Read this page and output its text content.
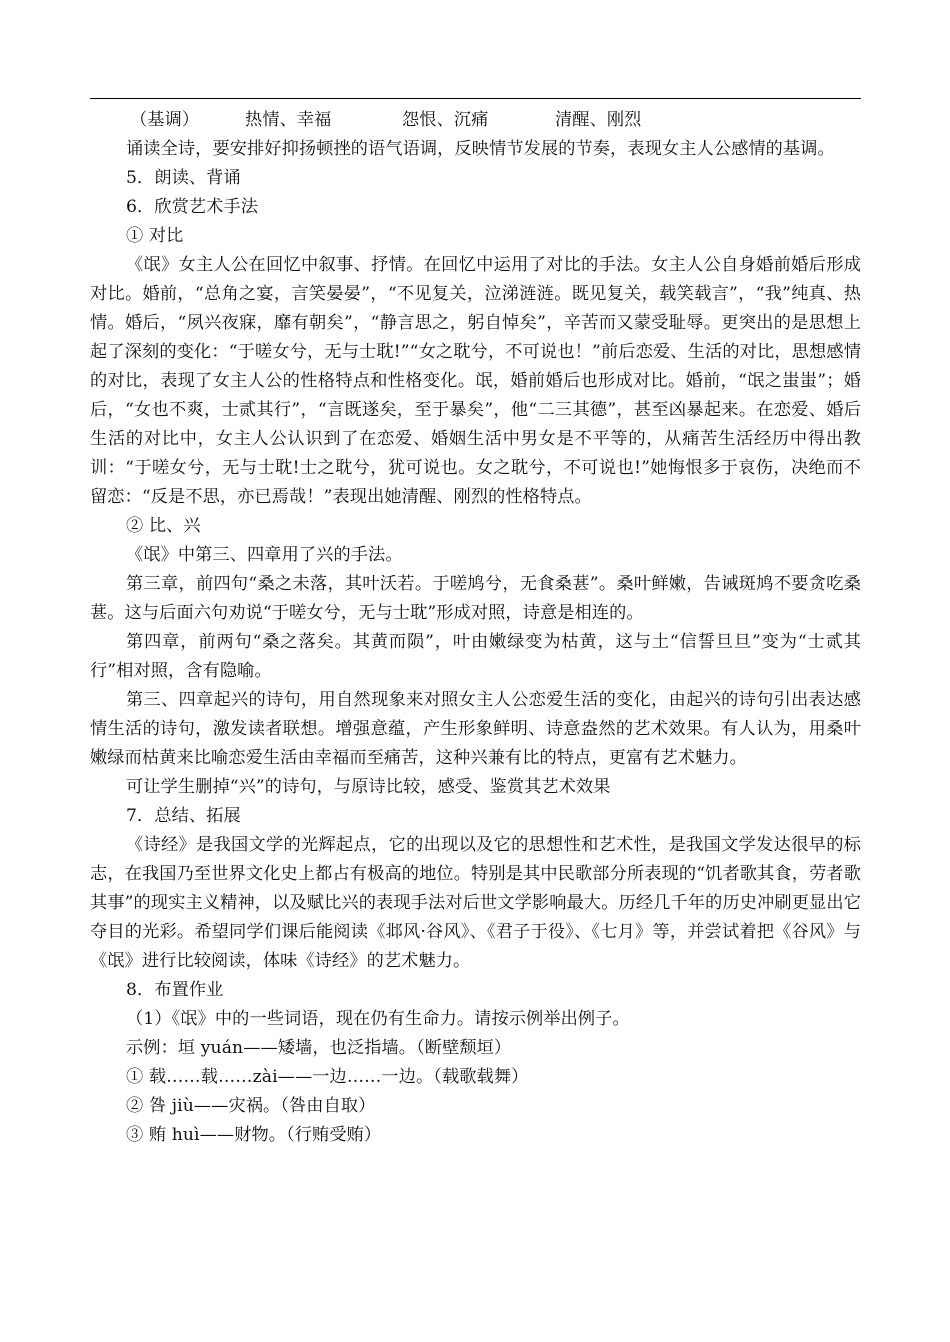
（基调）	热情、幸福	怨恨、沉痛	清醒、刚烈

诵读全诗，要安排好抑扬顿挫的语气语调，反映情节发展的节奏，表现女主人公感情的基调。

5．朗读、背诵

6．欣赏艺术手法

① 对比

《氓》女主人公在回忆中叙事、抒情。在回忆中运用了对比的手法。女主人公自身婚前婚后形成对比。婚前，“总角之宴，言笑晏晏”，“不见复关，泣涕涟涟。既见复关，载笑载言”，“我”纯真、热情。婚后，“夙兴夜寐，靡有朝矣”，“静言思之，躬自悼矣”，辛苦而又蒙受耻辱。更突出的是思想上起了深刻的变化：“于嗟女兮，无与士耽!”“女之耽兮，不可说也！”前后恋爱、生活的对比，思想感情的对比，表现了女主人公的性格特点和性格变化。氓，婚前婚后也形成对比。婚前，“氓之蚩蚩”；婚后，“女也不爽，士贰其行”，“言既遂矣，至于暴矣”，他“二三其德”，甚至凶暴起来。在恋爱、婚后生活的对比中，女主人公认识到了在恋爱、婚姻生活中男女是不平等的，从痛苦生活经历中得出教训：“于嗟女兮，无与士耽!士之耽兮，犹可说也。女之耽兮，不可说也!”她悔恨多于哀伤，决绝而不留恋：“反是不思，亦已焉哉！”表现出她清醒、刚烈的性格特点。

② 比、兴

《氓》中第三、四章用了兴的手法。

第三章，前四句“桑之未落，其叶沃若。于嗟鸠兮，无食桑葚”。桑叶鲜嫩，告诫斑鸠不要贪吃桑葚。这与后面六句劝说“于嗟女兮，无与士耽”形成对照，诗意是相连的。

第四章，前两句“桑之落矣。其黄而陨”，叶由嫩绿变为枯黄，这与土“信誓旦旦”变为“士贰其行”相对照，含有隐喻。

第三、四章起兴的诗句，用自然现象来对照女主人公恋爱生活的变化，由起兴的诗句引出表达感情生活的诗句，激发读者联想。增强意蕴，产生形象鲜明、诗意盎然的艺术效果。有人认为，用桑叶嫩绿而枯黄来比喻恋爱生活由幸福而至痛苦，这种兴兼有比的特点，更富有艺术魅力。

可让学生删掉“兴”的诗句，与原诗比较，感受、鉴赏其艺术效果

7．总结、拓展

《诗经》是我国文学的光辉起点，它的出现以及它的思想性和艺术性，是我国文学发达很早的标志，在我国乃至世界文化史上都占有极高的地位。特别是其中民歌部分所表现的“饥者歌其食，劳者歌其事”的现实主义精神，以及赋比兴的表现手法对后世文学影响最大。历经几千年的历史冲刷更显出它夺目的光彩。希望同学们课后能阅读《邶风·谷风》、《君子于役》、《七月》等，并尝试着把《谷风》与《氓》进行比较阅读，体味《诗经》的艺术魅力。

8．布置作业

（1）《氓》中的一些词语，现在仍有生命力。请按示例举出例子。

示例：垣 yuán——矮墙，也泛指墙。（断壁颓垣）

① 载……载……zài——一边……一边。（载歌载舞）

② 咎 jiù——灾祸。（咎由自取）

③ 贿 huì——财物。（行贿受贿）
